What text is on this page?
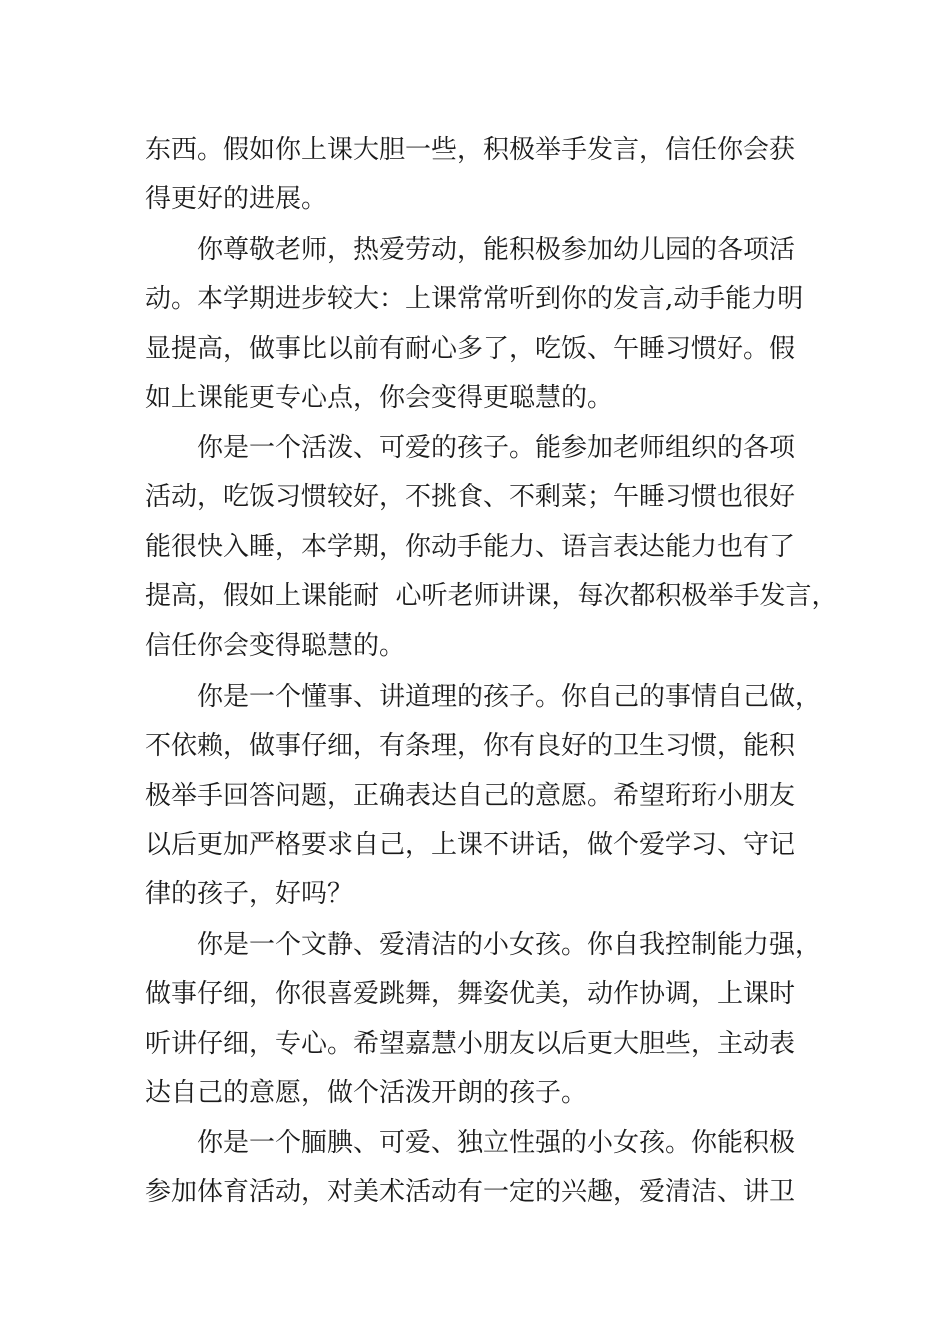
东西。假如你上课大胆一些，积极举手发言，信任你会获
得更好的进展。
　　你尊敬老师，热爱劳动，能积极参加幼儿园的各项活
动。本学期进步较大：上课常常听到你的发言,动手能力明
显提高，做事比以前有耐心多了，吃饭、午睡习惯好。假
如上课能更专心点，你会变得更聪慧的。
　　你是一个活泼、可爱的孩子。能参加老师组织的各项
活动，吃饭习惯较好，不挑食、不剩菜；午睡习惯也很好
能很快入睡，本学期，你动手能力、语言表达能力也有了
提高，假如上课能耐  心听老师讲课，每次都积极举手发言，
信任你会变得聪慧的。
　　你是一个懂事、讲道理的孩子。你自己的事情自己做，
不依赖，做事仔细，有条理，你有良好的卫生习惯，能积
极举手回答问题，正确表达自己的意愿。希望珩珩小朋友
以后更加严格要求自己，上课不讲话，做个爱学习、守记
律的孩子，好吗？
　　你是一个文静、爱清洁的小女孩。你自我控制能力强，
做事仔细，你很喜爱跳舞，舞姿优美，动作协调，上课时
听讲仔细，专心。希望嘉慧小朋友以后更大胆些，主动表
达自己的意愿，做个活泼开朗的孩子。
　　你是一个腼腆、可爱、独立性强的小女孩。你能积极
参加体育活动，对美术活动有一定的兴趣，爱清洁、讲卫
